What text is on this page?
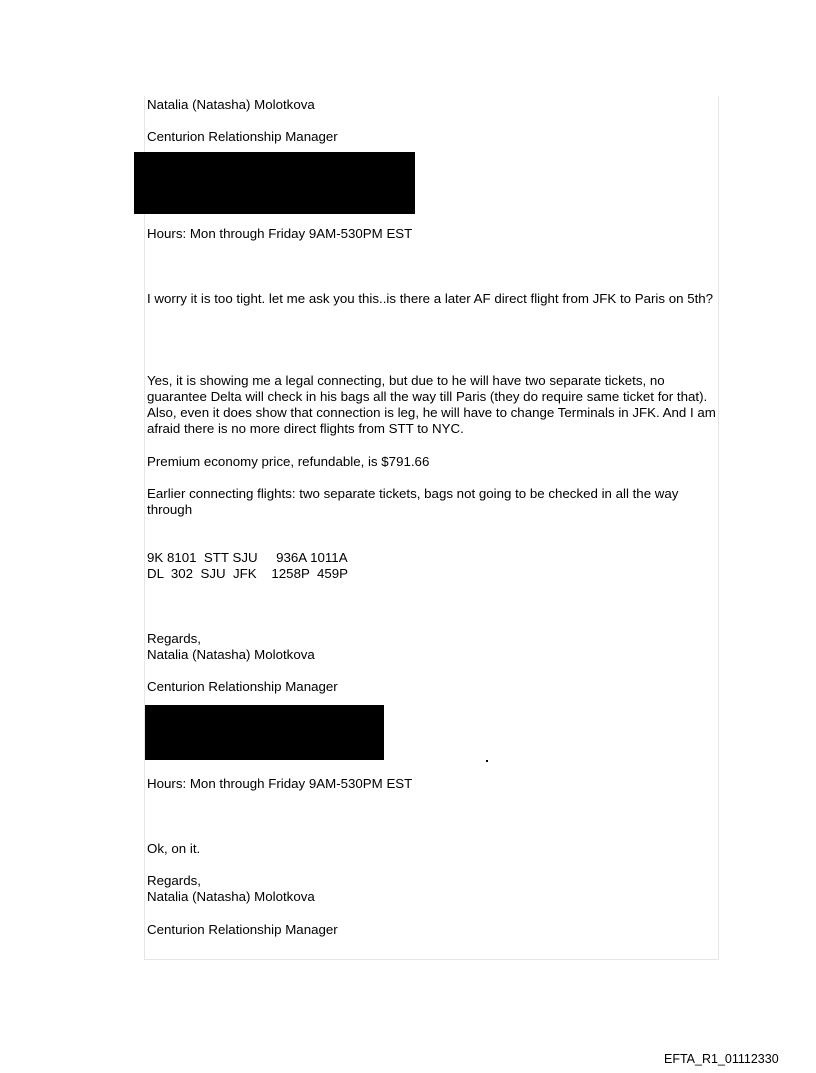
Natalia (Natasha) Molotkova

Centurion Relationship Manager

Hours: Mon through Friday 9AM-530PM EST

I worry it is too tight. let me ask you this..is there a later AF direct flight from JFK to Paris on 5th?

Yes, it is showing me a legal connecting, but due to he will have two separate tickets, no guarantee Delta will check in his bags all the way till Paris (they do require same ticket for that). Also, even it does show that connection is leg, he will have to change Terminals in JFK. And I am afraid there is no more direct flights from STT to NYC.

Premium economy price, refundable, is $791.66

Earlier connecting flights: two separate tickets, bags not going to be checked in all the way through

9K 8101  STT SJU     936A 1011A

DL  302  SJU  JFK    1258P  459P

Regards,

Natalia (Natasha) Molotkova

Centurion Relationship Manager

Hours: Mon through Friday 9AM-530PM EST

Ok, on it.

Regards,

Natalia (Natasha) Molotkova

Centurion Relationship Manager

EFTA_R1_01112330
